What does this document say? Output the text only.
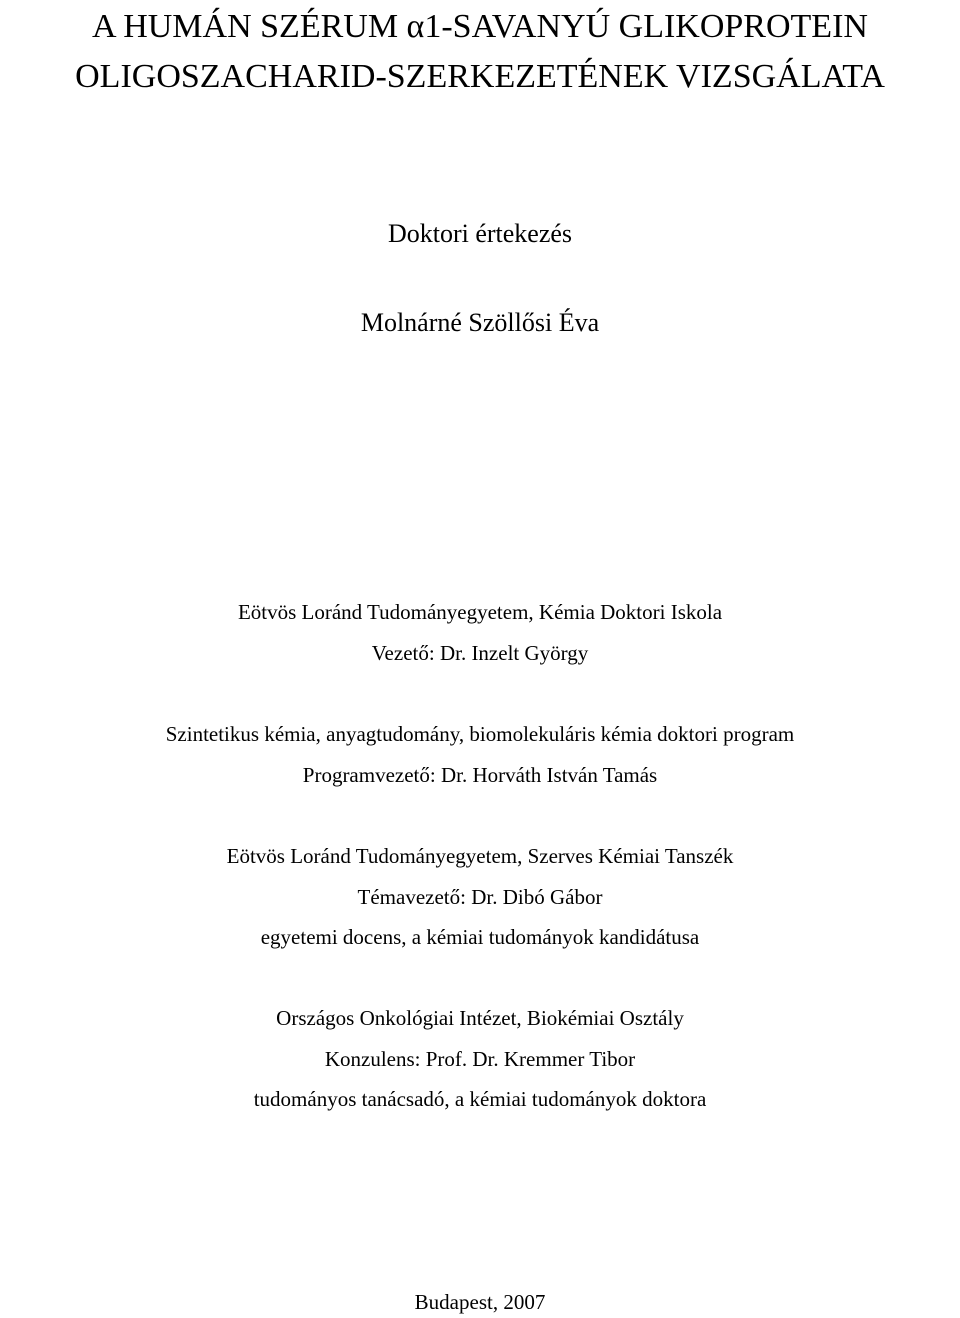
A HUMÁN SZÉRUM α1-SAVANYÚ GLIKOPROTEIN
OLIGOSZACHARID-SZERKEZETÉNEK VIZSGÁLATA
Doktori értekezés
Molnárné Szöllősi Éva
Eötvös Loránd Tudományegyetem, Kémia Doktori Iskola
Vezető: Dr. Inzelt György
Szintetikus kémia, anyagtudomány, biomolekuláris kémia doktori program
Programvezető: Dr. Horváth István Tamás
Eötvös Loránd Tudományegyetem, Szerves Kémiai Tanszék
Témavezető: Dr. Dibó Gábor
egyetemi docens, a kémiai tudományok kandidátusa
Országos Onkológiai Intézet, Biokémiai Osztály
Konzulens: Prof. Dr. Kremmer Tibor
tudományos tanácsadó, a kémiai tudományok doktora
Budapest, 2007
